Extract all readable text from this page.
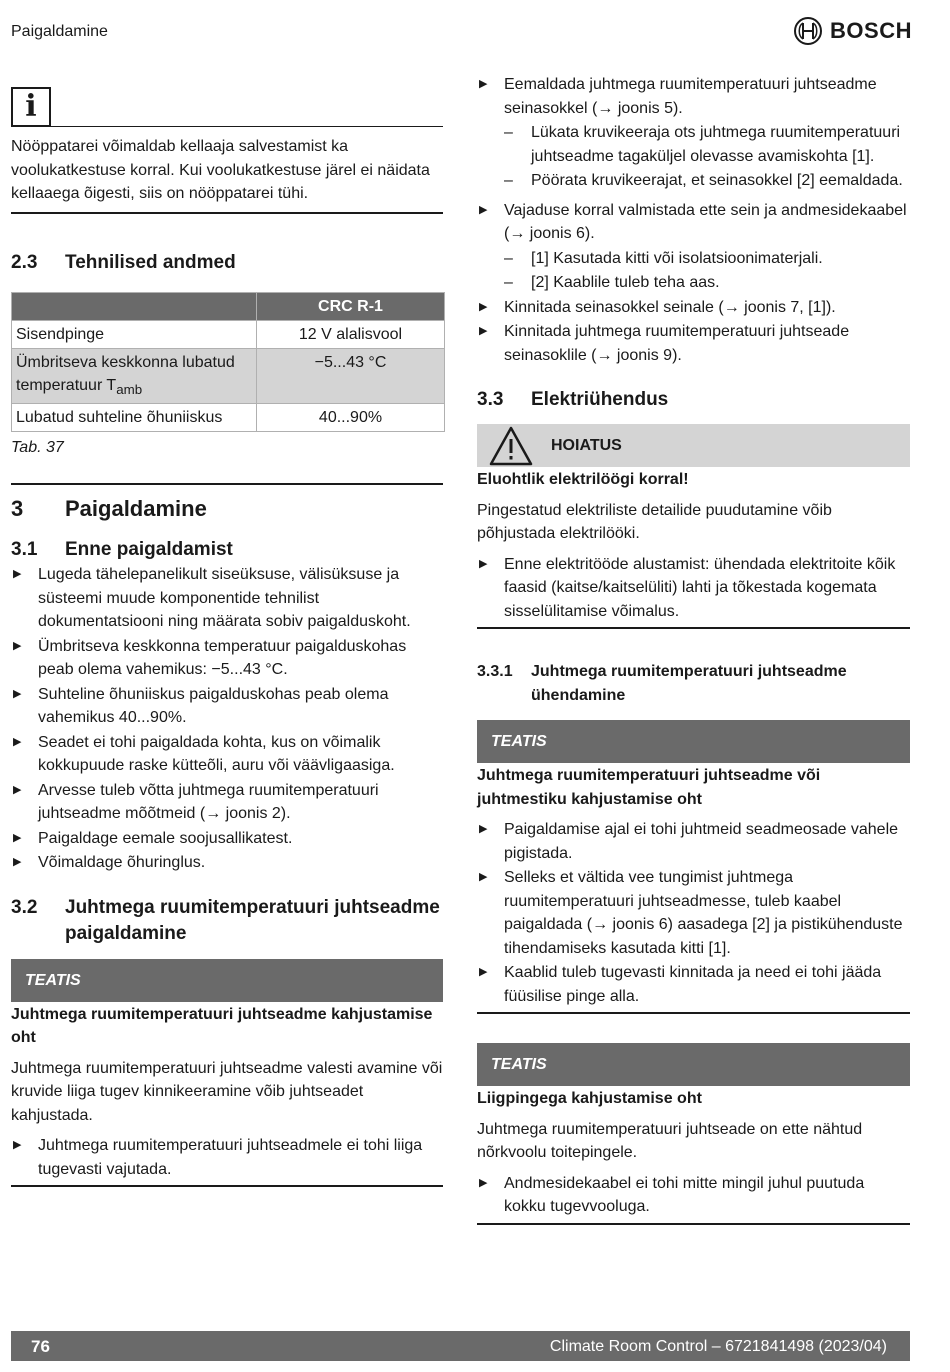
Paigaldamine	BOSCH
i

Nööppatarei võimaldab kellaaja salvestamist ka voolukatkestuse korral. Kui voolukatkestuse järel ei näidata kellaaega õigesti, siis on nööppatarei tühi.

2.3	Tehnilised andmed
	CRC R-1
Sisendpinge	12 V alalisvool
Ümbritseva keskkonna lubatud temperatuur $T_{amb}$	−5...43 °C
Lubatud suhteline õhuniiskus	40...90%

Tab. 37

3	Paigaldamine
3.1	Enne paigaldamist
▶ Lugeda tähelepanelikult siseüksuse, välisüksuse ja süsteemi muude komponentide tehnilist dokumentatsiooni ning määrata sobiv paigalduskoht.
▶ Ümbritseva keskkonna temperatuur paigalduskohas peab olema vahemikus: −5...43 °C.
▶ Suhteline õhuniiskus paigalduskohas peab olema vahemikus 40...90%.
▶ Seadet ei tohi paigaldada kohta, kus on võimalik kokkupuude raske kütteõli, auru või väävligaasiga.
▶ Arvesse tuleb võtta juhtmega ruumitemperatuuri juhtseadme mõõtmeid (→ joonis 2).
▶ Paigaldage eemale soojusallikatest.
▶ Võimaldage õhuringlus.
3.2	Juhtmega ruumitemperatuuri juhtseadme
paigaldamine
TEATIS

Juhtmega ruumitemperatuuri juhtseadme kahjustamise oht

Juhtmega ruumitemperatuuri juhtseadme valesti avamine või kruvide liiga tugev kinnikeeramine võib juhtseadet kahjustada.

▶ Juhtmega ruumitemperatuuri juhtseadmele ei tohi liiga tugevasti vajutada.
▶ Eemaldada juhtmega ruumitemperatuuri juhtseadme seinasokkel (→ joonis 5).
– Lükata kruvikeeraja ots juhtmega ruumitemperatuuri juhtseadme tagaküljel olevasse avamiskohta [1].
– Pöörata kruvikeerajat, et seinasokkel [2] eemaldada.
▶ Vajaduse korral valmistada ette sein ja andmesidekaabel (→ joonis 6).
– [1] Kasutada kitti või isolatsioonimaterjali.
– [2] Kaablile tuleb teha aas.
▶ Kinnitada seinasokkel seinale (→ joonis 7, [1]).
▶ Kinnitada juhtmega ruumitemperatuuri juhtseade seinasoklile (→ joonis 9).
3.3	Elektriühendus
HOIATUS

Eluohtlik elektrilöögi korral!

Pingestatud elektriliste detailide puudutamine võib põhjustada elektrilööki.

▶ Enne elektritööde alustamist: ühendada elektritoite kõik faasid (kaitse/kaitselüliti) lahti ja tõkestada kogemata sisselülitamise võimalus.
3.3.1	Juhtmega ruumitemperatuuri juhtseadme
ühendamine
TEATIS

Juhtmega ruumitemperatuuri juhtseadme või juhtmestiku kahjustamise oht

▶ Paigaldamise ajal ei tohi juhtmeid seadmeosade vahele pigistada.
▶ Selleks et vältida vee tungimist juhtmega ruumitemperatuuri juhtseadmesse, tuleb kaabel paigaldada (→ joonis 6) aasadega [2] ja pistikühenduste tihendamiseks kasutada kitti [1].
▶ Kaablid tuleb tugevasti kinnitada ja need ei tohi jääda füüsilise pinge alla.
TEATIS

Liigpingega kahjustamise oht

Juhtmega ruumitemperatuuri juhtseade on ette nähtud nõrkvoolu toitepingele.

▶ Andmesidekaabel ei tohi mitte mingil juhul puutuda kokku tugevvooluga.
76	Climate Room Control – 6721841498 (2023/04)
